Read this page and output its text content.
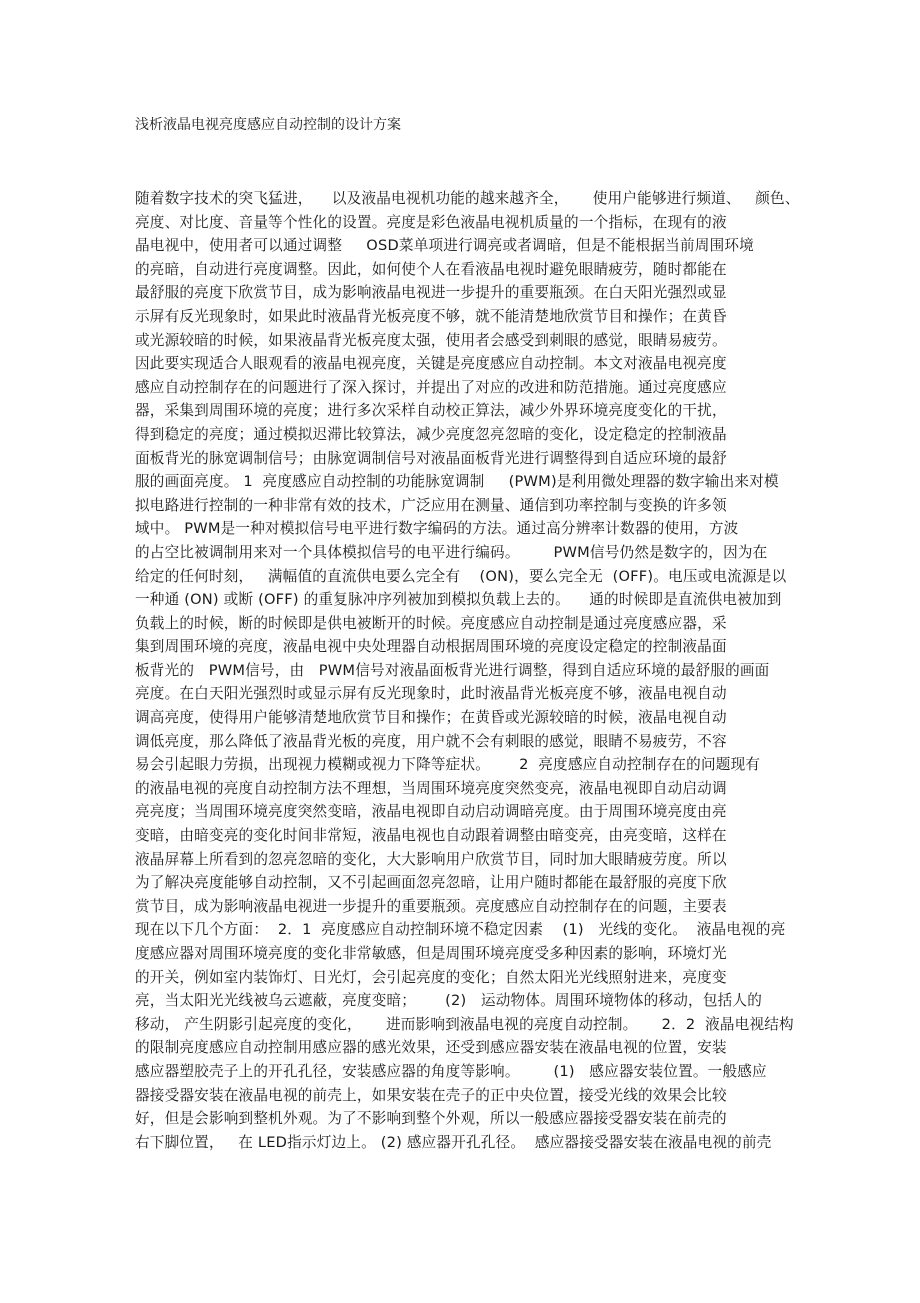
浅析液晶电视亮度感应自动控制的设计方案
随着数字技术的突飞猛进，    以及液晶电视机功能的越来越齐全，     使用户能够进行频道、   颜色、
亮度、对比度、音量等个性化的设置。亮度是彩色液晶电视机质量的一个指标，在现有的液
晶电视中，使用者可以通过调整     OSD菜单项进行调亮或者调暗，但是不能根据当前周围环境
的亮暗，自动进行亮度调整。因此，如何使个人在看液晶电视时避免眼睛疲劳，随时都能在
最舒服的亮度下欣赏节目，成为影响液晶电视进一步提升的重要瓶颈。在白天阳光强烈或显
示屏有反光现象时，如果此时液晶背光板亮度不够，就不能清楚地欣赏节目和操作；在黄昏
或光源较暗的时候，如果液晶背光板亮度太强，使用者会感受到刺眼的感觉，眼睛易疲劳。
因此要实现适合人眼观看的液晶电视亮度，关键是亮度感应自动控制。本文对液晶电视亮度
感应自动控制存在的问题进行了深入探讨，并提出了对应的改进和防范措施。通过亮度感应
器，采集到周围环境的亮度；进行多次采样自动校正算法，减少外界环境亮度变化的干扰，
得到稳定的亮度；通过模拟迟滞比较算法，减少亮度忽亮忽暗的变化，设定稳定的控制液晶
面板背光的脉宽调制信号；由脉宽调制信号对液晶面板背光进行调整得到自适应环境的最舒
服的画面亮度。 1  亮度感应自动控制的功能脉宽调制     (PWM)是利用微处理器的数字输出来对模
拟电路进行控制的一种非常有效的技术，广泛应用在测量、通信到功率控制与变换的许多领
域中。 PWM是一种对模拟信号电平进行数字编码的方法。通过高分辨率计数器的使用，方波
的占空比被调制用来对一个具体模拟信号的电平进行编码。       PWM信号仍然是数字的，因为在
给定的任何时刻，   满幅值的直流供电要么完全有    (ON)，要么完全无  (OFF)。电压或电流源是以
一种通 (ON) 或断 (OFF) 的重复脉冲序列被加到模拟负载上去的。    通的时候即是直流供电被加到
负载上的时候，断的时候即是供电被断开的时候。亮度感应自动控制是通过亮度感应器，采
集到周围环境的亮度，液晶电视中央处理器自动根据周围环境的亮度设定稳定的控制液晶面
板背光的   PWM信号，由   PWM信号对液晶面板背光进行调整，得到自适应环境的最舒服的画面
亮度。在白天阳光强烈时或显示屏有反光现象时，此时液晶背光板亮度不够，液晶电视自动
调高亮度，使得用户能够清楚地欣赏节目和操作；在黄昏或光源较暗的时候，液晶电视自动
调低亮度，那么降低了液晶背光板的亮度，用户就不会有刺眼的感觉，眼睛不易疲劳，不容
易会引起眼力劳损，出现视力模糊或视力下降等症状。      2  亮度感应自动控制存在的问题现有
的液晶电视的亮度自动控制方法不理想，当周围环境亮度突然变亮，液晶电视即自动启动调
亮亮度；当周围环境亮度突然变暗，液晶电视即自动启动调暗亮度。由于周围环境亮度由亮
变暗，由暗变亮的变化时间非常短，液晶电视也自动跟着调整由暗变亮，由亮变暗，这样在
液晶屏幕上所看到的忽亮忽暗的变化，大大影响用户欣赏节目，同时加大眼睛疲劳度。所以
为了解决亮度能够自动控制，又不引起画面忽亮忽暗，让用户随时都能在最舒服的亮度下欣
赏节目，成为影响液晶电视进一步提升的重要瓶颈。亮度感应自动控制存在的问题，主要表
现在以下几个方面：  2．1  亮度感应自动控制环境不稳定因素    (1)   光线的变化。  液晶电视的亮
度感应器对周围环境亮度的变化非常敏感，但是周围环境亮度受多种因素的影响，环境灯光
的开关，例如室内装饰灯、日光灯，会引起亮度的变化；自然太阳光光线照射进来，亮度变
亮，当太阳光光线被乌云遮蔽，亮度变暗；      (2)   运动物体。周围环境物体的移动，包括人的
移动， 产生阴影引起亮度的变化，     进而影响到液晶电视的亮度自动控制。     2．2  液晶电视结构
的限制亮度感应自动控制用感应器的感光效果，还受到感应器安装在液晶电视的位置，安装
感应器塑胶壳子上的开孔孔径，安装感应器的角度等影响。       (1)   感应器安装位置。一般感应
器接受器安装在液晶电视的前壳上，如果安装在壳子的正中央位置，接受光线的效果会比较
好，但是会影响到整机外观。为了不影响到整个外观，所以一般感应器接受器安装在前壳的
右下脚位置，   在 LED指示灯边上。 (2) 感应器开孔孔径。  感应器接受器安装在液晶电视的前壳
